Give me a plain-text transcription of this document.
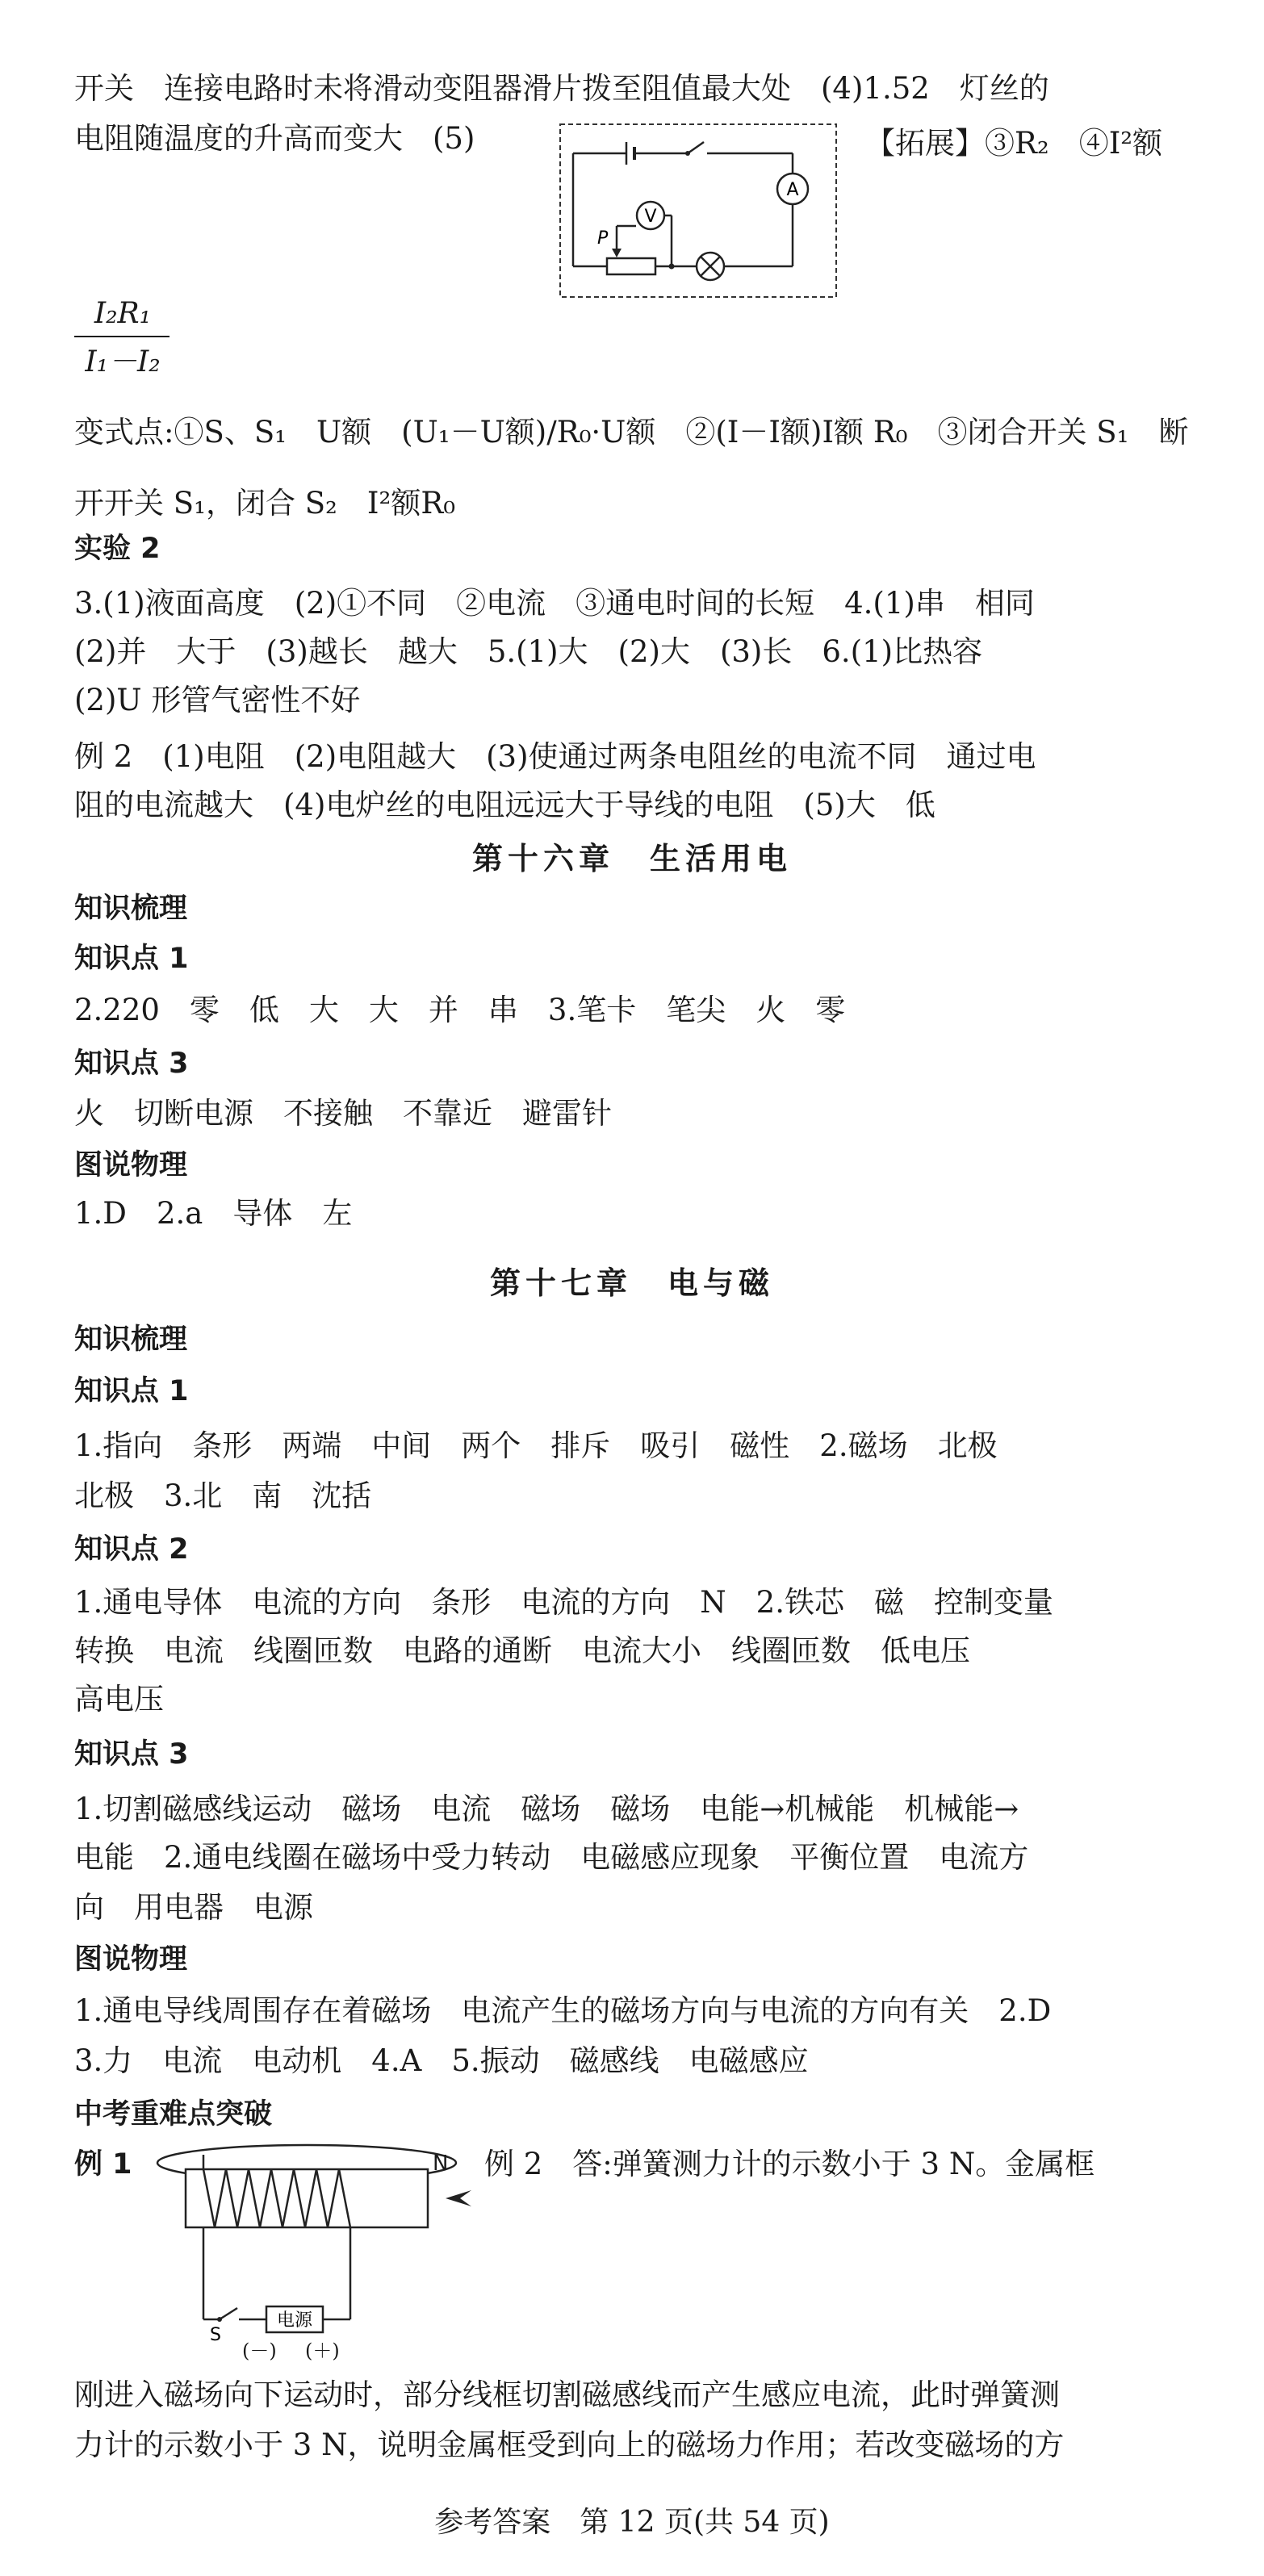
开关　连接电路时未将滑动变阻器滑片拨至阻值最大处　(4)1.52　灯丝的
电阻随温度的升高而变大　(5)	【拓展】③R₂　④I²额
A
P
V
I₂R₁
I₁－I₂
变式点:①S、S₁　U额　(U₁－U额)/R₀·U额　②(I－I额)I额 R₀　③闭合开关 S₁　断
开开关 S₁，闭合 S₂　I²额R₀
实验 2
3.(1)液面高度　(2)①不同　②电流　③通电时间的长短　4.(1)串　相同
(2)并　大于　(3)越长　越大　5.(1)大　(2)大　(3)长　6.(1)比热容
(2)U 形管气密性不好
例 2　(1)电阻　(2)电阻越大　(3)使通过两条电阻丝的电流不同　通过电
阻的电流越大　(4)电炉丝的电阻远远大于导线的电阻　(5)大　低
第十六章　生活用电
知识梳理
知识点 1
2.220　零　低　大　大　并　串　3.笔卡　笔尖　火　零
知识点 3
火　切断电源　不接触　不靠近　避雷针
图说物理
1.D　2.a　导体　左
第十七章　电与磁
知识梳理
知识点 1
1.指向　条形　两端　中间　两个　排斥　吸引　磁性　2.磁场　北极
北极　3.北　南　沈括
知识点 2
1.通电导体　电流的方向　条形　电流的方向　N　2.铁芯　磁　控制变量
转换　电流　线圈匝数　电路的通断　电流大小　线圈匝数　低电压
高电压
知识点 3
1.切割磁感线运动　磁场　电流　磁场　磁场　电能→机械能　机械能→
电能　2.通电线圈在磁场中受力转动　电磁感应现象　平衡位置　电流方
向　用电器　电源
图说物理
1.通电导线周围存在着磁场　电流产生的磁场方向与电流的方向有关　2.D
3.力　电流　电动机　4.A　5.振动　磁感线　电磁感应
中考重难点突破
例 1
S
电源
N
(－) (＋)
例 2　答:弹簧测力计的示数小于 3 N。金属框
刚进入磁场向下运动时，部分线框切割磁感线而产生感应电流，此时弹簧测
力计的示数小于 3 N，说明金属框受到向上的磁场力作用；若改变磁场的方
参考答案　第 12 页(共 54 页)
